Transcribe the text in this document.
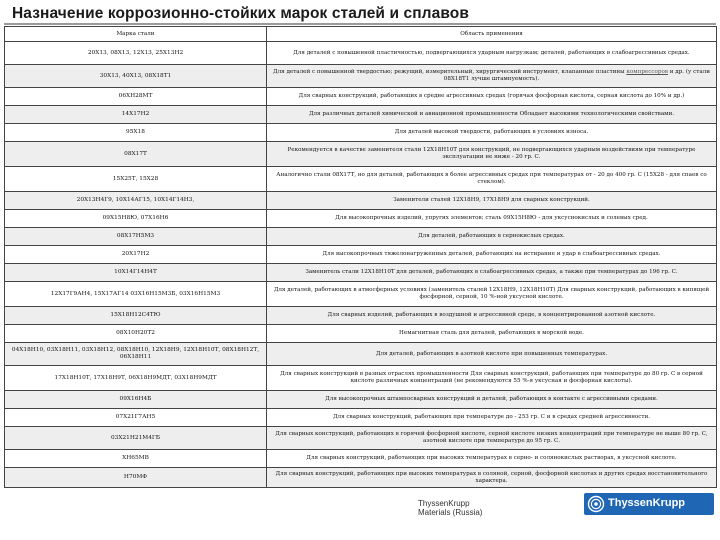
Назначение коррозионно-стойких марок сталей и сплавов
Марка стали	Область применения
20Х13, 08Х13, 12Х13, 25Х13Н2	Для деталей с повышенной пластичностью, подвергающихся ударным нагрузкам; деталей, работающих в слабоагрессивных средах.
30Х13, 40Х13, 08Х18Т1	Для деталей с повышенной твердостью; режущий, измерительный, хирургический инструмент, клапанные пластины компрессоров и др. (у стали 08Х18Т1 лучше штампуемость).
06ХН28МТ	Для сварных конструкций, работающих в средне агрессивных средах (горячая фосфорная кислота, серная кислота до 10% и др.)
14Х17Н2	Для различных деталей химической и авиационной промышленности Обладает высокими технологическими свойствами.
95Х18	Для деталей высокой твердости, работающих в условиях износа.
08Х17Т	Рекомендуется в качестве заменителя стали 12Х18Н10Т для конструкций, не подвергающихся ударным воздействиям при температуре эксплуатации не ниже - 20 гр. С.
15Х25Т, 15Х28	Аналогично стали 08Х17Т, но для деталей, работающих в более агрессивных средах при температурах от - 20 до 400 гр. С (15Х28 - для спаев со стеклом).
20Х13Н4Г9, 10Х14АГ15, 10Х14Г14Н3,	Заменители сталей 12Х18Н9, 17Х18Н9 для сварных конструкций.
09Х15Н8Ю, 07Х16Н6	Для высокопрочных изделий, упругих элементов; сталь 09Х15Н8Ю - для уксуснокислых и солевых сред.
08Х17Н5М3	Для деталей, работающих в сернокислых средах.
20Х17Н2	Для высокопрочных тяжелонагруженных деталей, работающих на истирание и удар в слабоагрессивных средах.
10Х14Г14Н4Т	Заменитель стали 12Х18Н10Т для деталей, работающих в слабоагрессивных средах, а также при температурах до 196 гр. С.
12Х17Г9АН4, 15Х17АГ14 03Х16Н15М3Б, 03Х16Н15М3	Для деталей, работающих в атмосферных условиях (заменитель сталей 12Х18Н9, 12Х18Н10Т) Для сварных конструкций, работающих в кипящей фосфорной, серной, 10 %-ной уксусной кислоте.
15Х18Н12С4ТЮ	Для сварных изделий, работающих в воздушной и агрессивной среде, в концентрированной азотной кислоте.
08Х10Н20Т2	Немагнитная сталь для деталей, работающих в морской воде.
04Х18Н10, 03Х18Н11, 03Х18Н12, 08Х18Н10, 12Х18Н9, 12Х18Н10Т, 08Х18Н12Т, 06Х18Н11	Для деталей, работающих в азотной кислоте при повышенных температурах.
17Х18Н10Т, 17Х18Н9Т, 06Х18Н9МДТ, 03Х18Н9МДТ	Для сварных конструкций в разных отраслях промышленности Для сварных конструкций, работающих при температуре до 80 гр. С в серной кислоте различных концентраций (не рекомендуются 55 %-я уксусная и фосфорная кислоты).
09Х16Н4Б	Для высокопрочных штампосварных конструкций и деталей, работающих в контакте с агрессивными средами.
07Х21Г7АН5	Для сварных конструкций, работающих при температуре до - 253 гр. С и в средах средней агрессивности.
03Х21Н21М4ГБ	Для сварных конструкций, работающих в горячей фосфорной кислоте, серной кислоте низких концентраций при температуре не выше 80 гр. С, азотной кислоте при температуре до 95 гр. С.
ХН65МВ	Для сварных конструкций, работающих при высоких температурах в серно- и солянокислых растворах, в уксусной кислоте.
Н70МФ	Для сварных конструкций, работающих при высоких температурах в соляной, серной, фосфорной кислотах и других средах восстановительного характера.
ThyssenKrupp
Materials (Russia)
ThyssenKrupp
